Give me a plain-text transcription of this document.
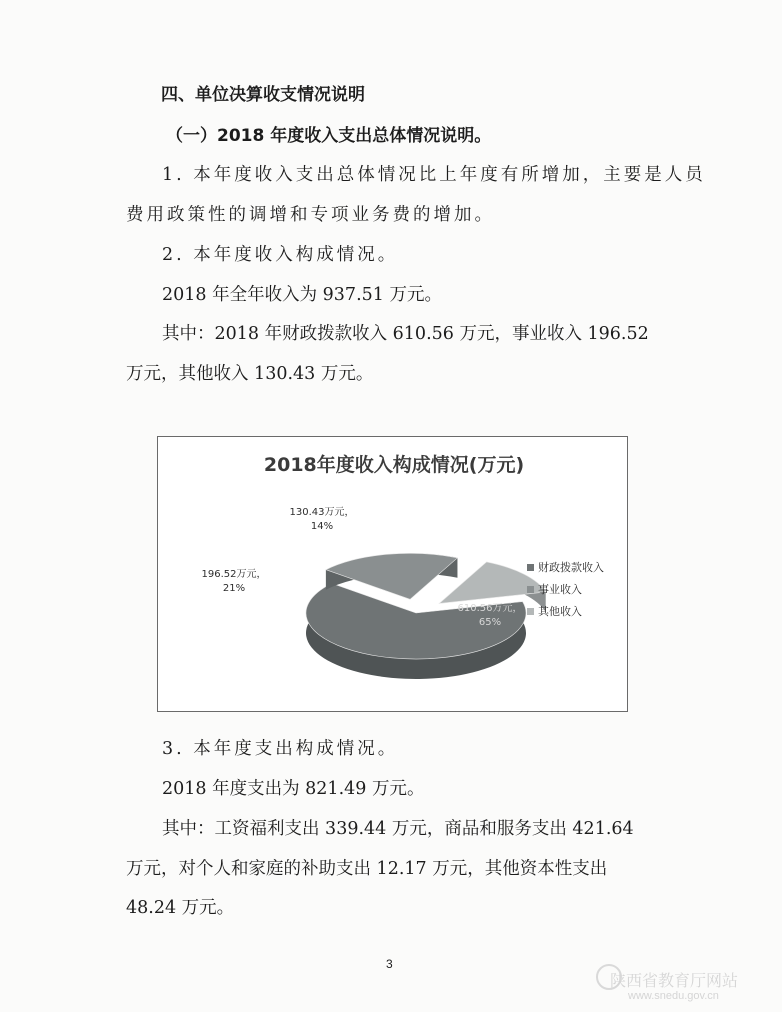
四、单位决算收支情况说明
（一）2018 年度收入支出总体情况说明。
1. 本年度收入支出总体情况比上年度有所增加，主要是人员
费用政策性的调增和专项业务费的增加。
2. 本年度收入构成情况。
2018 年全年收入为 937.51 万元。
其中：2018 年财政拨款收入 610.56 万元，事业收入 196.52
万元，其他收入 130.43 万元。
2018年度收入构成情况(万元)
610.56万元， 65%
196.52万元， 21%
130.43万元， 14%
财政拨款收入
事业收入
其他收入
3. 本年度支出构成情况。
2018 年度支出为 821.49 万元。
其中：工资福利支出 339.44 万元，商品和服务支出 421.64
万元，对个人和家庭的补助支出 12.17 万元，其他资本性支出
48.24 万元。
3
陕西省教育厅网站
www.snedu.gov.cn
